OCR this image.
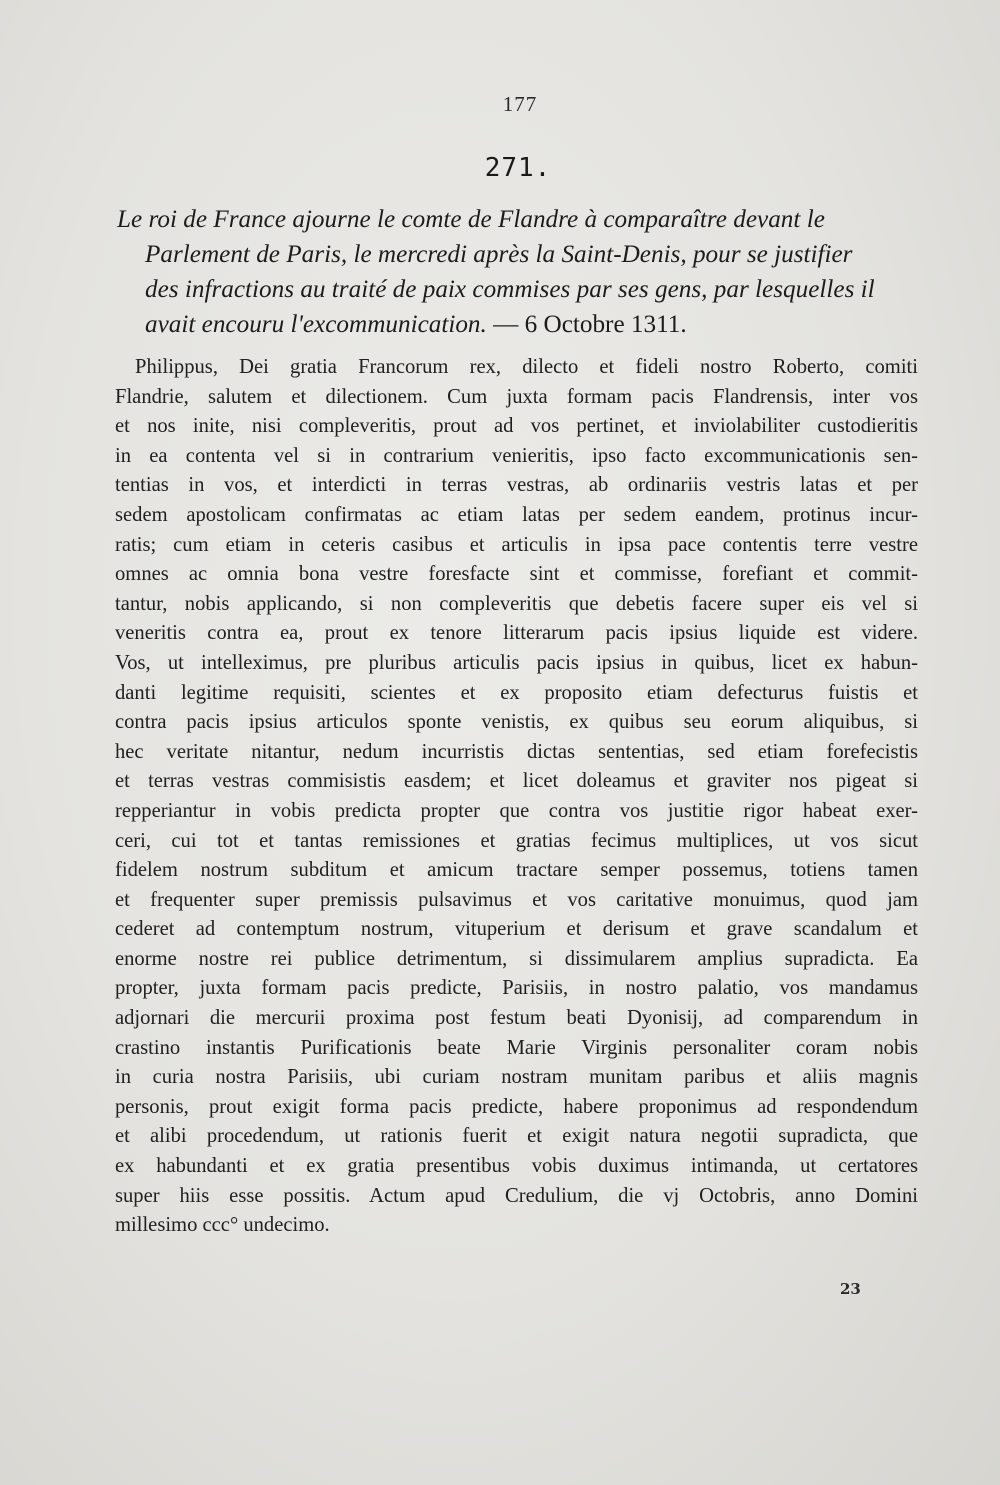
177
271.
Le roi de France ajourne le comte de Flandre à comparaître devant le
Parlement de Paris, le mercredi après la Saint-Denis, pour se justifier
des infractions au traité de paix commises par ses gens, par lesquelles il
avait encouru l'excommunication. — 6 Octobre 1311.
Philippus, Dei gratia Francorum rex, dilecto et fideli nostro Roberto, comiti
Flandrie, salutem et dilectionem. Cum juxta formam pacis Flandrensis, inter vos
et nos inite, nisi compleveritis, prout ad vos pertinet, et inviolabiliter custodieritis
in ea contenta vel si in contrarium venieritis, ipso facto excommunicationis sen-
tentias in vos, et interdicti in terras vestras, ab ordinariis vestris latas et per
sedem apostolicam confirmatas ac etiam latas per sedem eandem, protinus incur-
ratis; cum etiam in ceteris casibus et articulis in ipsa pace contentis terre vestre
omnes ac omnia bona vestre foresfacte sint et commisse, forefiant et commit-
tantur, nobis applicando, si non compleveritis que debetis facere super eis vel si
veneritis contra ea, prout ex tenore litterarum pacis ipsius liquide est videre.
Vos, ut intelleximus, pre pluribus articulis pacis ipsius in quibus, licet ex habun-
danti legitime requisiti, scientes et ex proposito etiam defecturus fuistis et
contra pacis ipsius articulos sponte venistis, ex quibus seu eorum aliquibus, si
hec veritate nitantur, nedum incurristis dictas sententias, sed etiam forefecistis
et terras vestras commisistis easdem; et licet doleamus et graviter nos pigeat si
repperiantur in vobis predicta propter que contra vos justitie rigor habeat exer-
ceri, cui tot et tantas remissiones et gratias fecimus multiplices, ut vos sicut
fidelem nostrum subditum et amicum tractare semper possemus, totiens tamen
et frequenter super premissis pulsavimus et vos caritative monuimus, quod jam
cederet ad contemptum nostrum, vituperium et derisum et grave scandalum et
enorme nostre rei publice detrimentum, si dissimularem amplius supradicta. Ea
propter, juxta formam pacis predicte, Parisiis, in nostro palatio, vos mandamus
adjornari die mercurii proxima post festum beati Dyonisij, ad comparendum in
crastino instantis Purificationis beate Marie Virginis personaliter coram nobis
in curia nostra Parisiis, ubi curiam nostram munitam paribus et aliis magnis
personis, prout exigit forma pacis predicte, habere proponimus ad respondendum
et alibi procedendum, ut rationis fuerit et exigit natura negotii supradicta, que
ex habundanti et ex gratia presentibus vobis duximus intimanda, ut certatores
super hiis esse possitis. Actum apud Credulium, die vj Octobris, anno Domini
millesimo ccc° undecimo.
23
